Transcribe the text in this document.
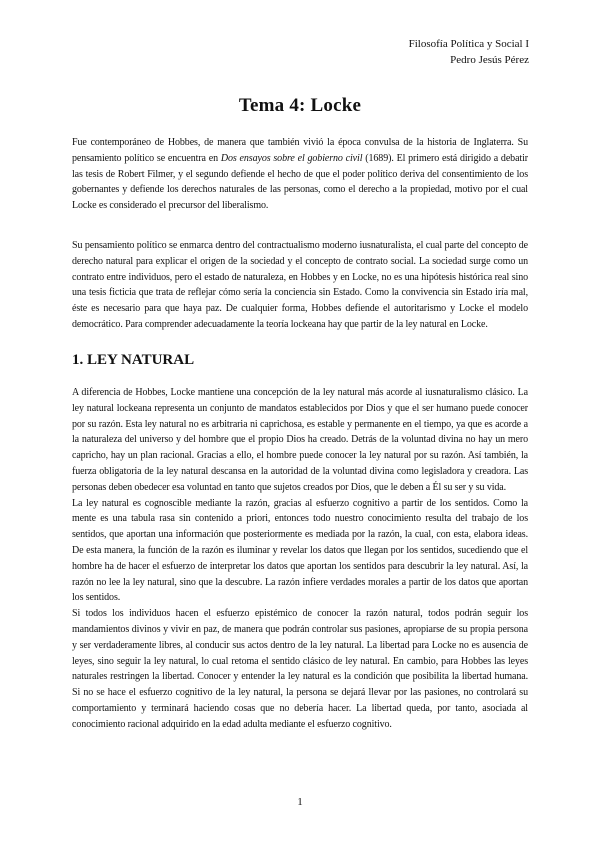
Filosofía Política y Social I
Pedro Jesús Pérez
Tema 4: Locke

Fue contemporáneo de Hobbes, de manera que también vivió la época convulsa de la historia de Inglaterra. Su pensamiento político se encuentra en Dos ensayos sobre el gobierno civil (1689). El primero está dirigido a debatir las tesis de Robert Filmer, y el segundo defiende el hecho de que el poder político deriva del consentimiento de los gobernantes y defiende los derechos naturales de las personas, como el derecho a la propiedad, motivo por el cual Locke es considerado el precursor del liberalismo.

Su pensamiento político se enmarca dentro del contractualismo moderno iusnaturalista, el cual parte del concepto de derecho natural para explicar el origen de la sociedad y el concepto de contrato social. La sociedad surge como un contrato entre individuos, pero el estado de naturaleza, en Hobbes y en Locke, no es una hipótesis histórica real sino una tesis ficticia que trata de reflejar cómo sería la conciencia sin Estado. Como la convivencia sin Estado iría mal, éste es necesario para que haya paz. De cualquier forma, Hobbes defiende el autoritarismo y Locke el modelo democrático. Para comprender adecuadamente la teoría lockeana hay que partir de la ley natural en Locke.

1. LEY NATURAL

A diferencia de Hobbes, Locke mantiene una concepción de la ley natural más acorde al iusnaturalismo clásico. La ley natural lockeana representa un conjunto de mandatos establecidos por Dios y que el ser humano puede conocer por su razón. Esta ley natural no es arbitraria ni caprichosa, es estable y permanente en el tiempo, ya que es acorde a la naturaleza del universo y del hombre que el propio Dios ha creado. Detrás de la voluntad divina no hay un mero capricho, hay un plan racional. Gracias a ello, el hombre puede conocer la ley natural por su razón. Así también, la fuerza obligatoria de la ley natural descansa en la autoridad de la voluntad divina como legisladora y creadora. Las personas deben obedecer esa voluntad en tanto que sujetos creados por Dios, que le deben a Él su ser y su vida.

La ley natural es cognoscible mediante la razón, gracias al esfuerzo cognitivo a partir de los sentidos. Como la mente es una tabula rasa sin contenido a priori, entonces todo nuestro conocimiento resulta del trabajo de los sentidos, que aportan una información que posteriormente es mediada por la razón, la cual, con esta, elabora ideas. De esta manera, la función de la razón es iluminar y revelar los datos que llegan por los sentidos, sucediendo que el hombre ha de hacer el esfuerzo de interpretar los datos que aportan los sentidos para descubrir la ley natural. Así, la razón no lee la ley natural, sino que la descubre. La razón infiere verdades morales a partir de los datos que aportan los sentidos.

Si todos los individuos hacen el esfuerzo epistémico de conocer la razón natural, todos podrán seguir los mandamientos divinos y vivir en paz, de manera que podrán controlar sus pasiones, apropiarse de su propia persona y ser verdaderamente libres, al conducir sus actos dentro de la ley natural. La libertad para Locke no es ausencia de leyes, sino seguir la ley natural, lo cual retoma el sentido clásico de ley natural. En cambio, para Hobbes las leyes naturales restringen la libertad. Conocer y entender la ley natural es la condición que posibilita la libertad humana. Si no se hace el esfuerzo cognitivo de la ley natural, la persona se dejará llevar por las pasiones, no controlará su comportamiento y terminará haciendo cosas que no debería hacer. La libertad queda, por tanto, asociada al conocimiento racional adquirido en la edad adulta mediante el esfuerzo cognitivo.

1
